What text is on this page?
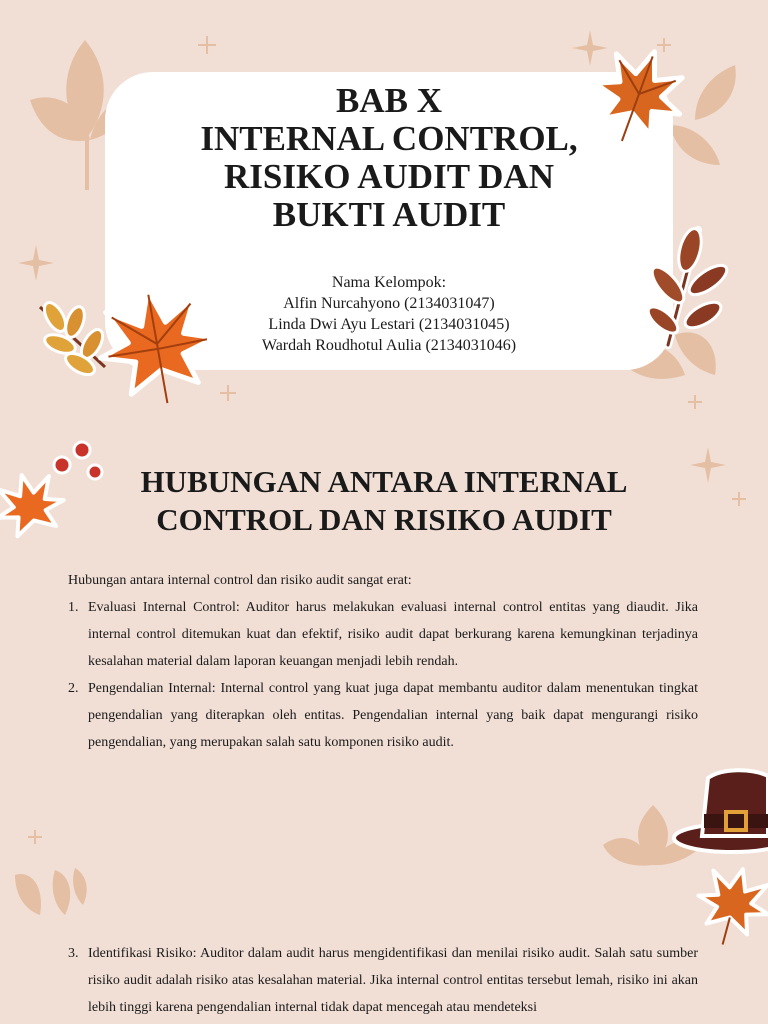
BAB X
INTERNAL CONTROL,
RISIKO AUDIT DAN
BUKTI AUDIT
Nama Kelompok:
Alfin Nurcahyono (2134031047)
Linda Dwi Ayu Lestari (2134031045)
Wardah Roudhotul Aulia (2134031046)
HUBUNGAN ANTARA INTERNAL
CONTROL DAN RISIKO AUDIT
Hubungan antara internal control dan risiko audit sangat erat:
1. Evaluasi Internal Control: Auditor harus melakukan evaluasi internal control entitas yang diaudit. Jika internal control ditemukan kuat dan efektif, risiko audit dapat berkurang karena kemungkinan terjadinya kesalahan material dalam laporan keuangan menjadi lebih rendah.
2. Pengendalian Internal: Internal control yang kuat juga dapat membantu auditor dalam menentukan tingkat pengendalian yang diterapkan oleh entitas. Pengendalian internal yang baik dapat mengurangi risiko pengendalian, yang merupakan salah satu komponen risiko audit.
3. Identifikasi Risiko: Auditor dalam audit harus mengidentifikasi dan menilai risiko audit. Salah satu sumber risiko audit adalah risiko atas kesalahan material. Jika internal control entitas tersebut lemah, risiko ini akan lebih tinggi karena pengendalian internal tidak dapat mencegah atau mendeteksi
